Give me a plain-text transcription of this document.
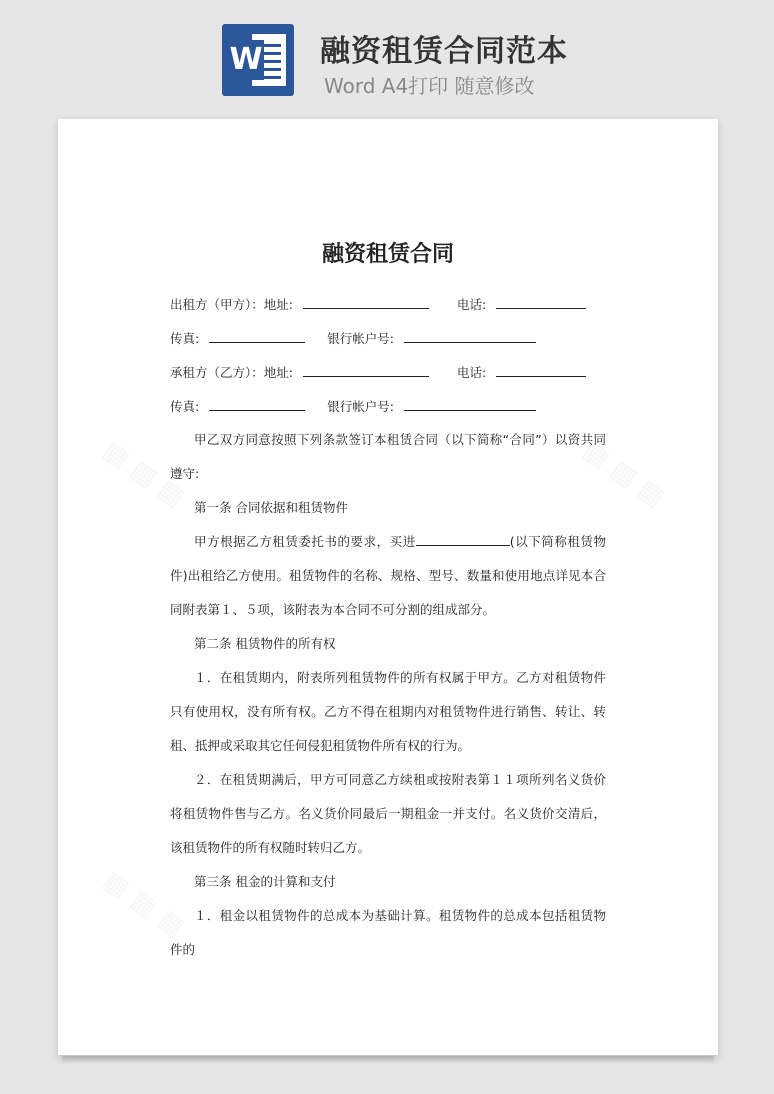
W 融资租赁合同范本
Word A4打印 随意修改
融资租赁合同
出租方（甲方）：地址:	电话:
传真:	银行帐户号:
承租方（乙方）：地址:	电话:
传真:	银行帐户号:
甲乙双方同意按照下列条款签订本租赁合同（以下简称“合同”）以资共同遵守:
第一条 合同依据和租赁物件
甲方根据乙方租赁委托书的要求，买进	(以下简称租赁物件)出租给乙方使用。租赁物件的名称、规格、型号、数量和使用地点详见本合同附表第１、５项，该附表为本合同不可分割的组成部分。
第二条 租赁物件的所有权
１．在租赁期内，附表所列租赁物件的所有权属于甲方。乙方对租赁物件只有使用权，没有所有权。乙方不得在租期内对租赁物件进行销售、转让、转租、抵押或采取其它任何侵犯租赁物件所有权的行为。
２．在租赁期满后，甲方可同意乙方续租或按附表第１１项所列名义货价将租赁物件售与乙方。名义货价同最后一期租金一并支付。名义货价交清后，该租赁物件的所有权随时转归乙方。
第三条 租金的计算和支付
１．租金以租赁物件的总成本为基础计算。租赁物件的总成本包括租赁物件的
